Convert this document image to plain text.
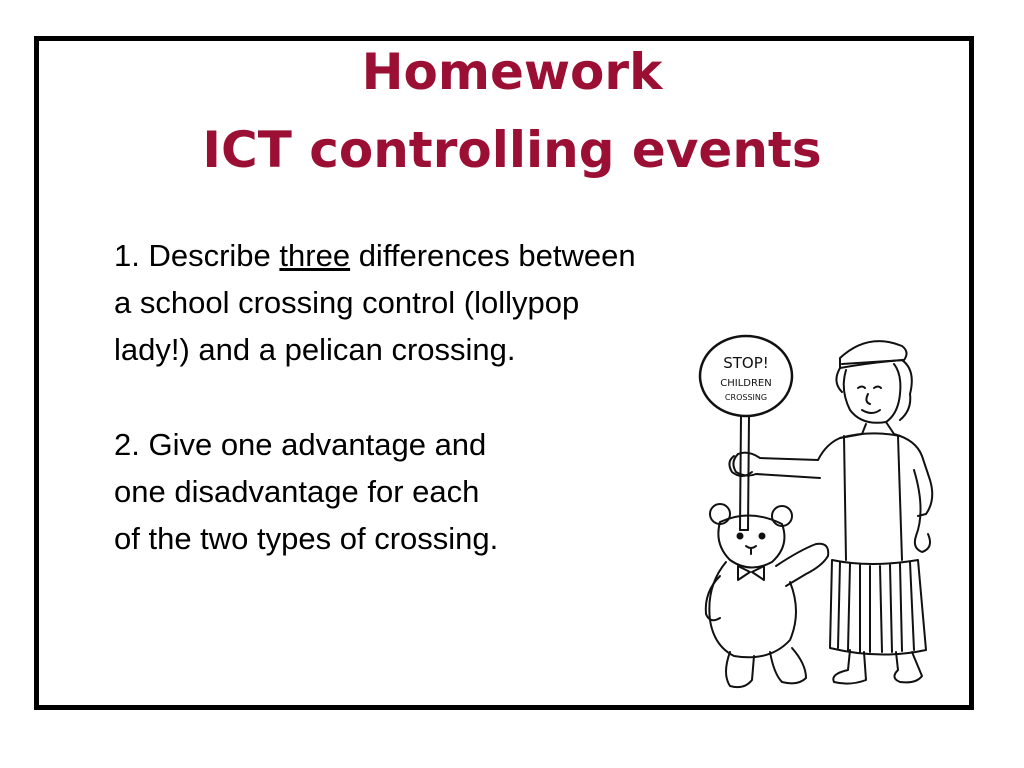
Homework
ICT controlling events

1. Describe three differences between
a school crossing control (lollypop
lady!) and a pelican crossing.

2. Give one advantage and
one disadvantage for each
of the two types of crossing.

STOP!
CHILDREN
CROSSING
